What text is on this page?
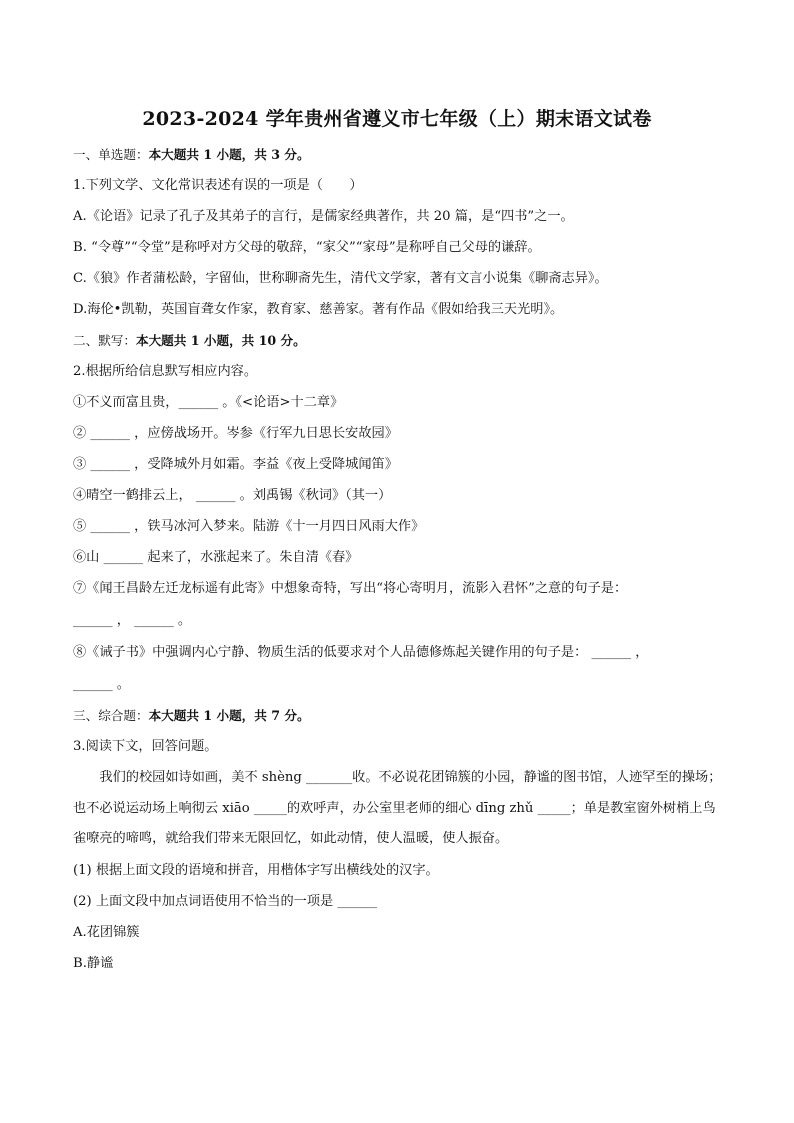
2023-2024 学年贵州省遵义市七年级（上）期末语文试卷
一、单选题：本大题共 1 小题，共 3 分。
1.下列文学、文化常识表述有误的一项是（　　）
A.《论语》记录了孔子及其弟子的言行，是儒家经典著作，共 20 篇，是“四书”之一。
B. “令尊”“令堂”是称呼对方父母的敬辞，“家父”“家母”是称呼自己父母的谦辞。
C.《狼》作者蒲松龄，字留仙，世称聊斋先生，清代文学家，著有文言小说集《聊斋志异》。
D.海伦•凯勒，英国盲聋女作家，教育家、慈善家。著有作品《假如给我三天光明》。
二、默写：本大题共 1 小题，共 10 分。
2.根据所给信息默写相应内容。
①不义而富且贵，______ 。《<论语>十二章》
② ______ ，应傍战场开。岑参《行军九日思长安故园》
③ ______ ，受降城外月如霜。李益《夜上受降城闻笛》
④晴空一鹤排云上， ______ 。刘禹锡《秋词》（其一）
⑤ ______ ，铁马冰河入梦来。陆游《十一月四日风雨大作》
⑥山 ______ 起来了，水涨起来了。朱自清《春》
⑦《闻王昌龄左迁龙标遥有此寄》中想象奇特，写出“将心寄明月，流影入君怀”之意的句子是：
______ ， ______ 。
⑧《诫子书》中强调内心宁静、物质生活的低要求对个人品德修炼起关键作用的句子是： ______ ，
______ 。
三、综合题：本大题共 1 小题，共 7 分。
3.阅读下文，回答问题。
我们的校园如诗如画，美不 shèng _______收。不必说花团锦簇的小园，静谧的图书馆，人迹罕至的操场；也不必说运动场上响彻云 xiāo _____的欢呼声，办公室里老师的细心 dīng zhǔ _____；单是教室窗外树梢上鸟雀嘹亮的啼鸣，就给我们带来无限回忆，如此动情，使人温暖，使人振奋。
(1) 根据上面文段的语境和拼音，用楷体字写出横线处的汉字。
(2) 上面文段中加点词语使用不恰当的一项是 ______
A.花团锦簇
B.静谧
